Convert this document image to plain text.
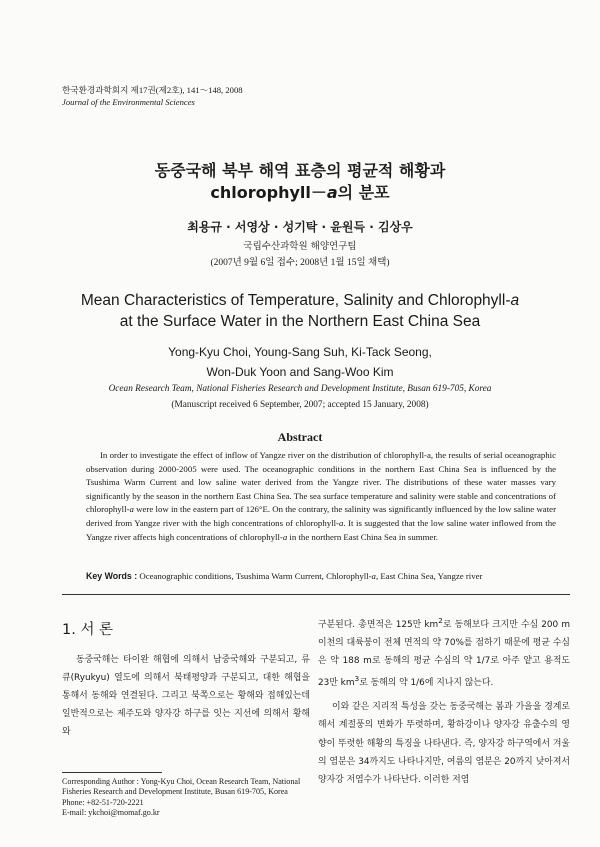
한국환경과학회지 제17권(제2호), 141～148, 2008
Journal of the Environmental Sciences
동중국해 북부 해역 표층의 평균적 해황과
chlorophyll－a의 분포
최용규 · 서영상 · 성기탁 · 윤원득 · 김상우
국립수산과학원 해양연구팀
(2007년 9월 6일 접수; 2008년 1월 15일 채택)
Mean Characteristics of Temperature, Salinity and Chlorophyll-a
at the Surface Water in the Northern East China Sea
Yong-Kyu Choi, Young-Sang Suh, Ki-Tack Seong,
Won-Duk Yoon and Sang-Woo Kim
Ocean Research Team, National Fisheries Research and Development Institute, Busan 619-705, Korea
(Manuscript received 6 September, 2007; accepted 15 January, 2008)
Abstract
In order to investigate the effect of inflow of Yangze river on the distribution of chlorophyll-a, the results of serial oceanographic observation during 2000-2005 were used. The oceanographic conditions in the northern East China Sea is influenced by the Tsushima Warm Current and low saline water derived from the Yangze river. The distributions of these water masses vary significantly by the season in the northern East China Sea. The sea surface temperature and salinity were stable and concentrations of chlorophyll-a were low in the eastern part of 126°E. On the contrary, the salinity was significantly influenced by the low saline water derived from Yangze river with the high concentrations of chlorophyll-a. It is suggested that the low saline water inflowed from the Yangze river affects high concentrations of chlorophyll-a in the northern East China Sea in summer.
Key Words : Oceanographic conditions, Tsushima Warm Current, Chlorophyll-a, East China Sea, Yangze river
1. 서 론
동중국해는 타이완 해협에 의해서 남중국해와 구분되고, 류큐(Ryukyu) 열도에 의해서 북태평양과 구분되고, 대한 해협을 통해서 동해와 연결된다. 그리고 북쪽으로는 황해와 접해있는데 일반적으로는 제주도와 양자강 하구를 잇는 지선에 의해서 황해와
구분된다. 총면적은 125만 $km^2$로 동해보다 크지만 수심 200 m 이천의 대륙붕이 전체 면적의 약 70%를 점하기 때문에 평균 수심은 약 188 m로 동해의 평균 수심의 약 1/7로 아주 얕고 용적도 23만 $km^3$로 동해의 약 1/6에 지나지 않는다.
이와 같은 지리적 특성을 갖는 동중국해는 봄과 가을을 경계로 해서 계절풍의 변화가 뚜렷하며, 황하강이나 양자강 유출수의 영향이 뚜렷한 해황의 특징을 나타낸다. 즉, 양자강 하구역에서 겨울의 염분은 34까지도 나타나지만, 여름의 염분은 20까지 낮아져서 양자강 저염수가 나타난다. 이러한 저염
Corresponding Author : Yong-Kyu Choi, Ocean Research Team, National Fisheries Research and Development Institute, Busan 619-705, Korea
Phone: +82-51-720-2221
E-mail: ykchoi@momaf.go.kr
